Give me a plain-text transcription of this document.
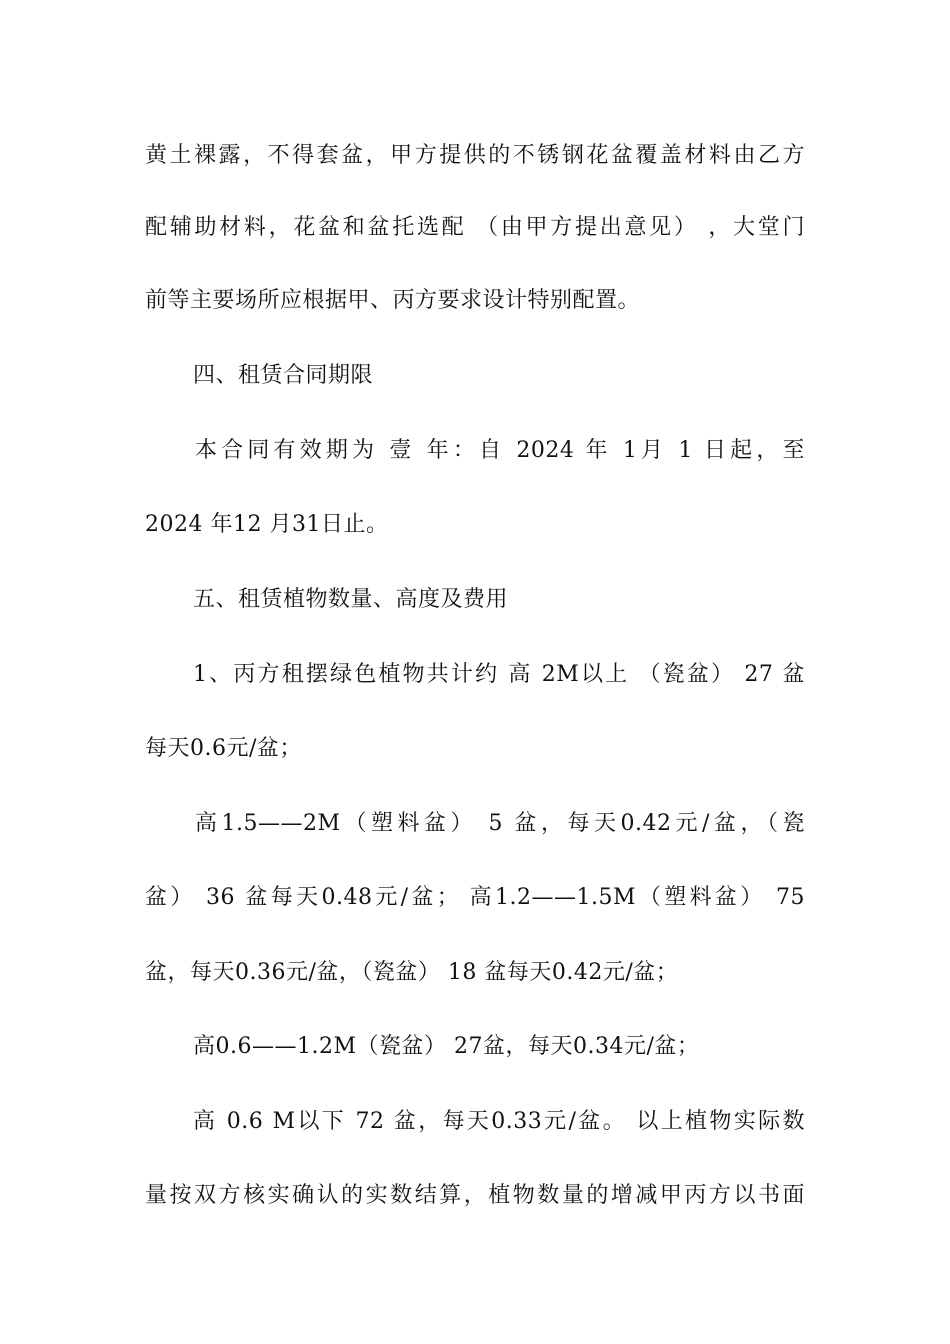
黄土裸露，不得套盆，甲方提供的不锈钢花盆覆盖材料由乙方
配辅助材料，花盆和盆托选配 （由甲方提出意见） ，大堂门
前等主要场所应根据甲、丙方要求设计特别配置。
四、租赁合同期限
本合同有效期为 壹 年：自 2024 年 1月 1 日起，至
2024 年12 月31日止。
五、租赁植物数量、高度及费用
1、丙方租摆绿色植物共计约 高 2M以上 （瓷盆） 27 盆
每天0.6元/盆；
高1.5——2M（塑料盆） 5 盆，每天0.42元/盆，（瓷
盆） 36 盆每天0.48元/盆； 高1.2——1.5M（塑料盆） 75
盆，每天0.36元/盆，（瓷盆） 18 盆每天0.42元/盆；
高0.6——1.2M（瓷盆） 27盆，每天0.34元/盆；
高 0.6 M以下 72 盆，每天0.33元/盆。 以上植物实际数
量按双方核实确认的实数结算，植物数量的增减甲丙方以书面
